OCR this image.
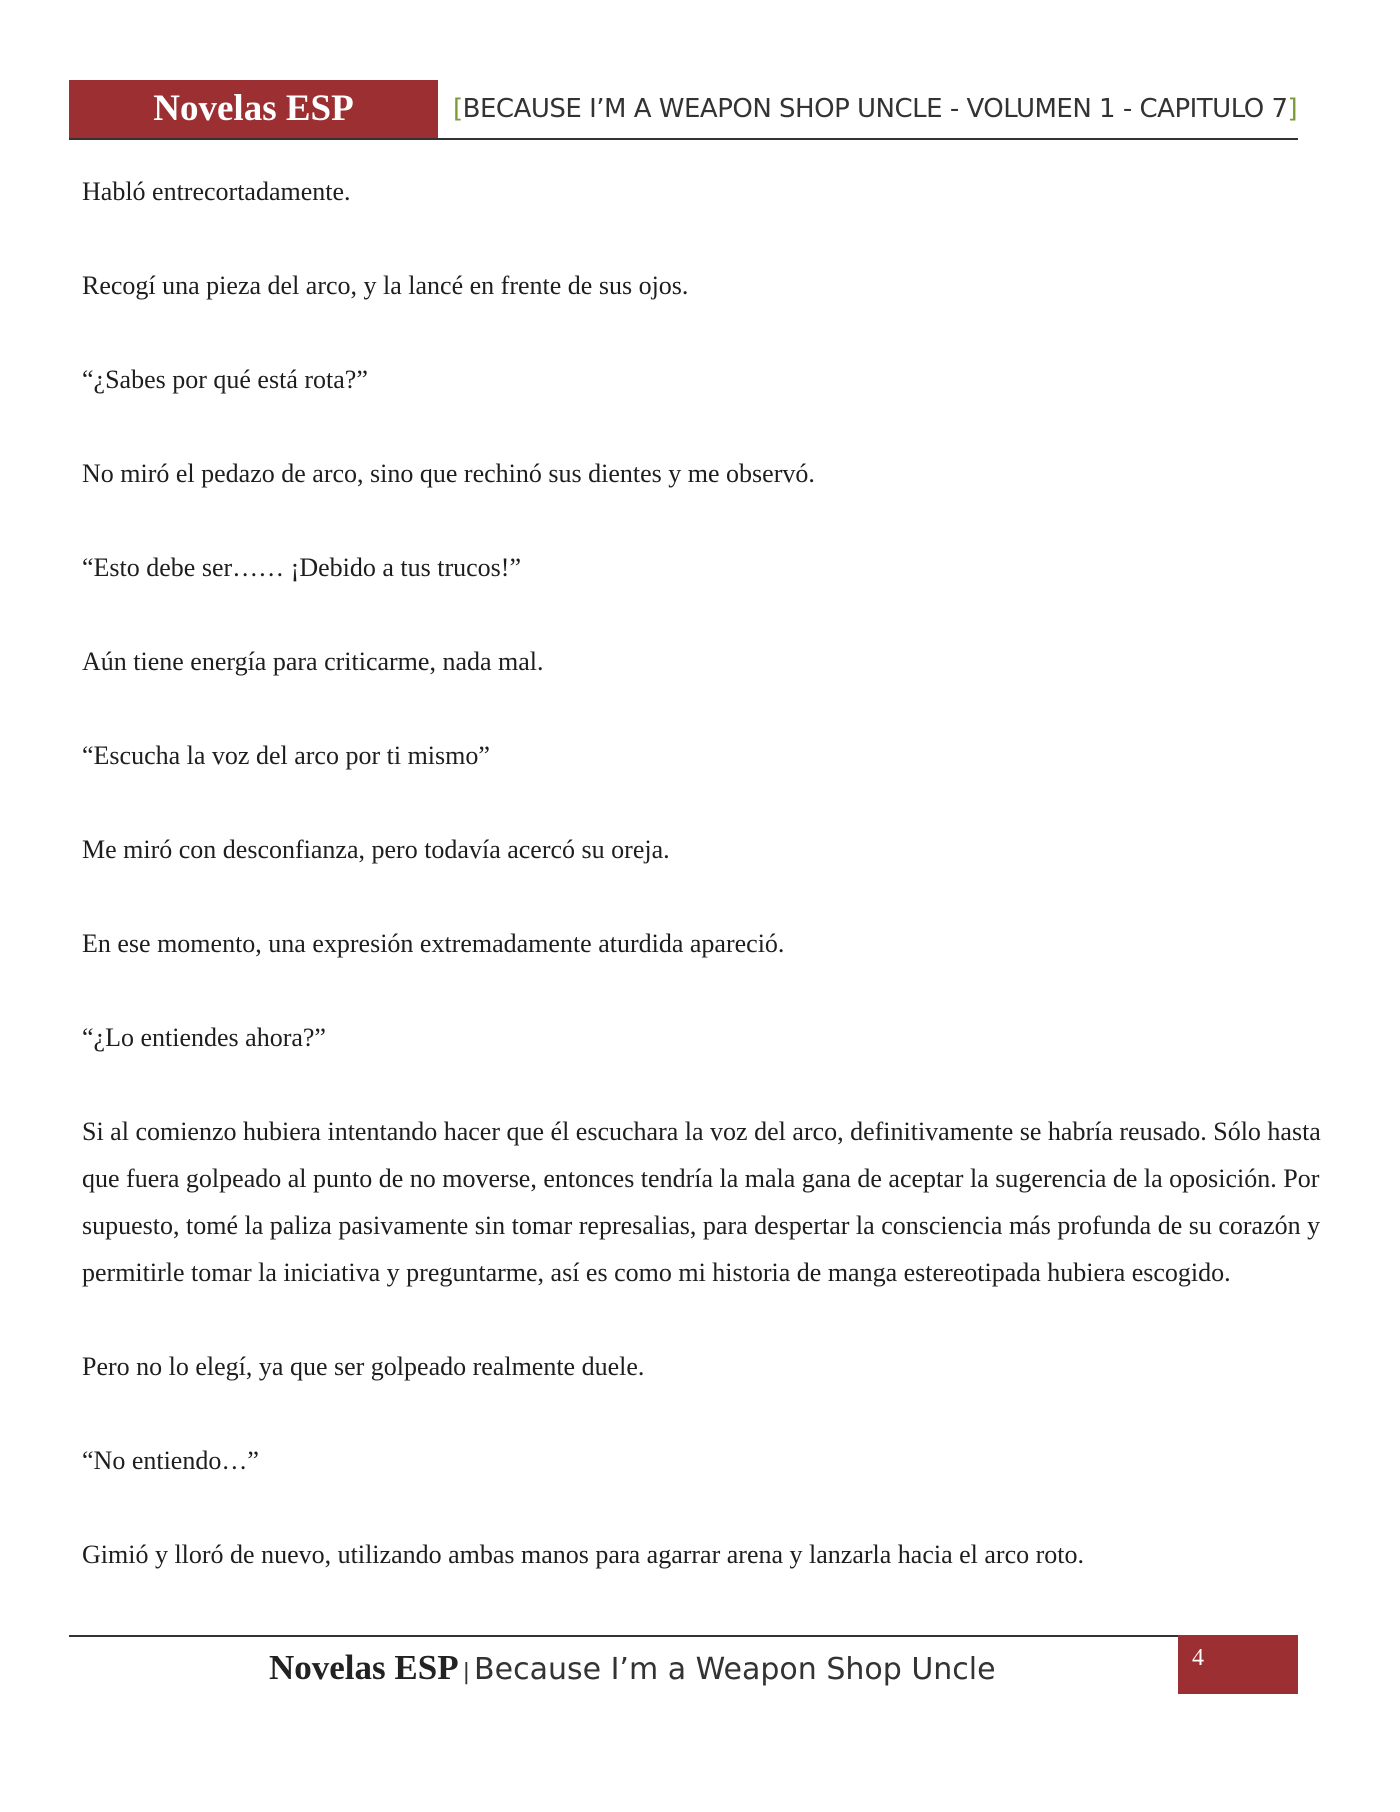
Novelas ESP	[BECAUSE I’M A WEAPON SHOP UNCLE - VOLUMEN 1 - CAPITULO 7]

Habló entrecortadamente.

Recogí una pieza del arco, y la lancé en frente de sus ojos.

“¿Sabes por qué está rota?”

No miró el pedazo de arco, sino que rechinó sus dientes y me observó.

“Esto debe ser…… ¡Debido a tus trucos!”

Aún tiene energía para criticarme, nada mal.

“Escucha la voz del arco por ti mismo”

Me miró con desconfianza, pero todavía acercó su oreja.

En ese momento, una expresión extremadamente aturdida apareció.

“¿Lo entiendes ahora?”

Si al comienzo hubiera intentando hacer que él escuchara la voz del arco, definitivamente se habría reusado. Sólo hasta que fuera golpeado al punto de no moverse, entonces tendría la mala gana de aceptar la sugerencia de la oposición. Por supuesto, tomé la paliza pasivamente sin tomar represalias, para despertar la consciencia más profunda de su corazón y permitirle tomar la iniciativa y preguntarme, así es como mi historia de manga estereotipada hubiera escogido.

Pero no lo elegí, ya que ser golpeado realmente duele.

“No entiendo…”

Gimió y lloró de nuevo, utilizando ambas manos para agarrar arena y lanzarla hacia el arco roto.

Novelas ESP | Because I’m a Weapon Shop Uncle	4
